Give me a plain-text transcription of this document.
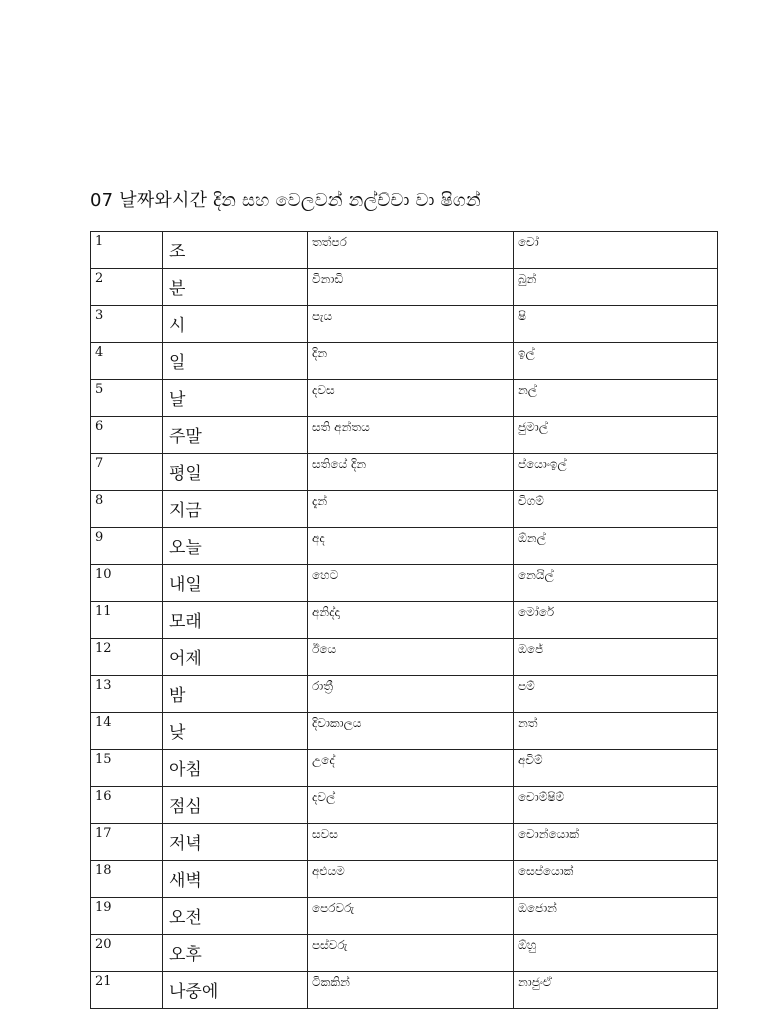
07 날짜와시간 දින සහ වෙලවන් නල්ච්චා වා ෂිගන්
1	조	තත්පර	චෝ
2	분	විනාඩි	බුන්
3	시	පැය	ෂි
4	일	දින	ඉල්
5	날	දවස	නල්
6	주말	සති අන්තය	ජුමාල්
7	평일	සතියේ දින	ප්යොංඉල්
8	지금	දැන්	චිගම්
9	오늘	අද	ඕනල්
10	내일	හෙට	නෙයිල්
11	모래	අනිද්දා	මෝරේ
12	어제	ඊයෙ	ඔජේ
13	밤	රාත්‍රී	පම්
14	낮	දිවාකාලය	නත්
15	아침	උදේ	අචිම්
16	점심	දවල්	චොම්ෂිම්
17	저녁	සවස	චොන්යොක්
18	새벽	අළුයම	සෙප්යොක්
19	오전	පෙරවරු	ඔජොන්
20	오후	පස්වරු	ඕහු
21	나중에	ටිකකින්	නාජුංඒ
